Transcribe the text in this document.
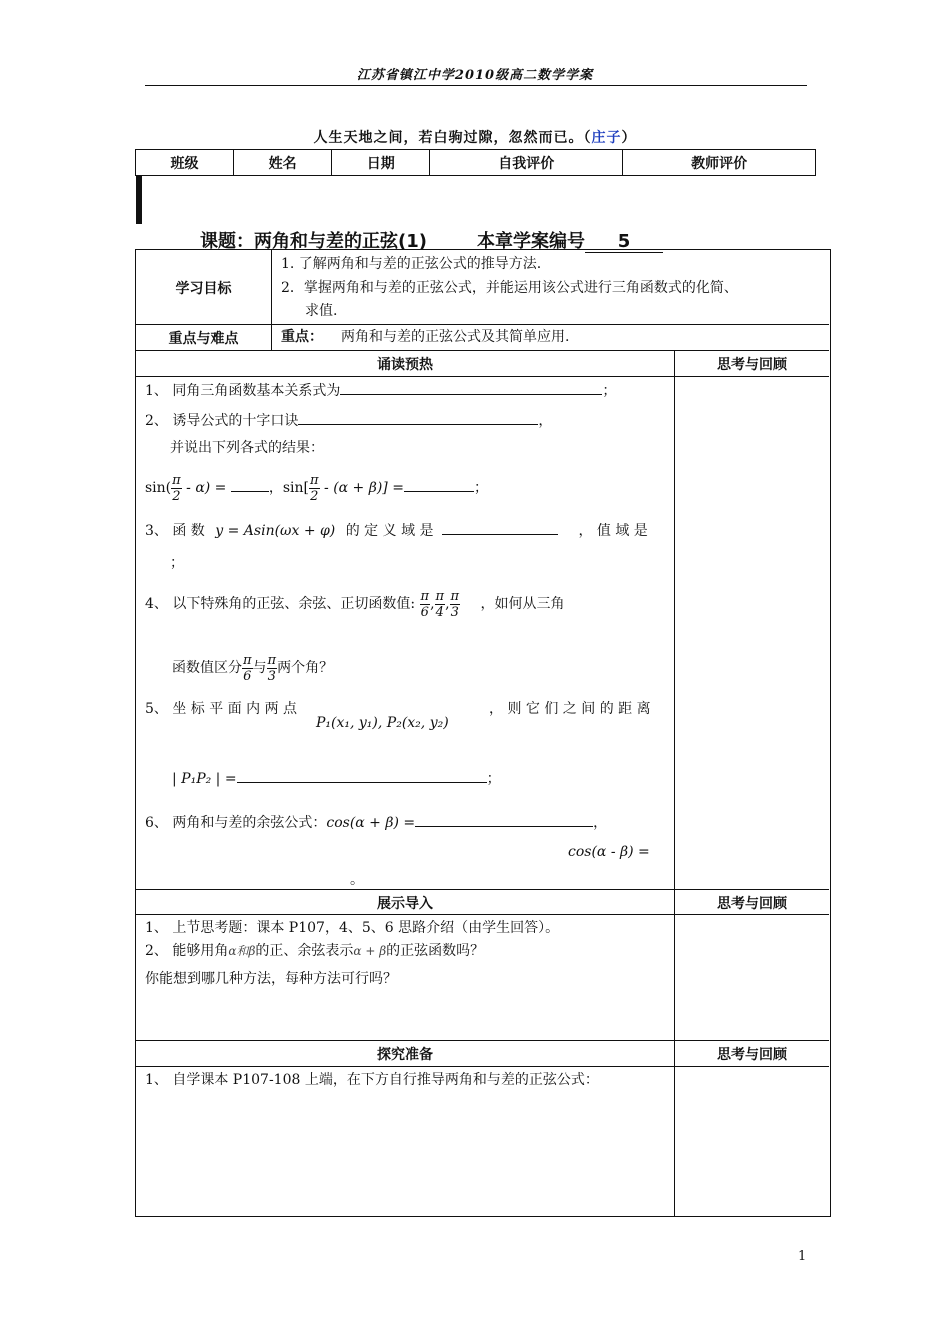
江苏省镇江中学2010级高二数学学案
人生天地之间，若白驹过隙，忽然而已。（庄子）
班级	姓名	日期	自我评价	教师评价

课题：两角和与差的正弦(1)	本章学案编号 5
学习目标
1. 了解两角和与差的正弦公式的推导方法.
2．掌握两角和与差的正弦公式，并能运用该公式进行三角函数式的化简、
求值.
重点与难点	重点： 两角和与差的正弦公式及其简单应用.
诵读预热	思考与回顾
1、 同角三角函数基本关系式为	；
2、 诱导公式的十字口诀	，
并说出下列各式的结果：
$\sin( \frac{\pi}{2} - \alpha)$ =	，$\sin[ \frac{\pi}{2} - (\alpha + \beta)]$ =	；
3、 函 数 y = Asin(ωx + φ) 的 定 义 域 是	， 值 域 是
；
4、 以下特殊角的正弦、余弦、正切函数值: $\frac{\pi}{6}$ , $\frac{\pi}{4}$ , $\frac{\pi}{3}$ ，如何从三角
函数值区分 $\frac{\pi}{6}$ 与 $\frac{\pi}{3}$ 两个角？
5、 坐 标 平 面 内 两 点
P₁(x₁, y₁), P₂(x₂, y₂)
， 则 它 们 之 间 的 距 离
| P₁P₂ | =	；
6、 两角和与差的余弦公式：cos(α + β) =	，
cos(α - β) =
。
展示导入	思考与回顾
1、 上节思考题：课本 P107，4、5、6 思路介绍（由学生回答）。
2、 能够用角α和β的正、余弦表示α + β的正弦函数吗？
你能想到哪几种方法，每种方法可行吗？
探究准备	思考与回顾
1、 自学课本 P107-108 上端，在下方自行推导两角和与差的正弦公式：
1
